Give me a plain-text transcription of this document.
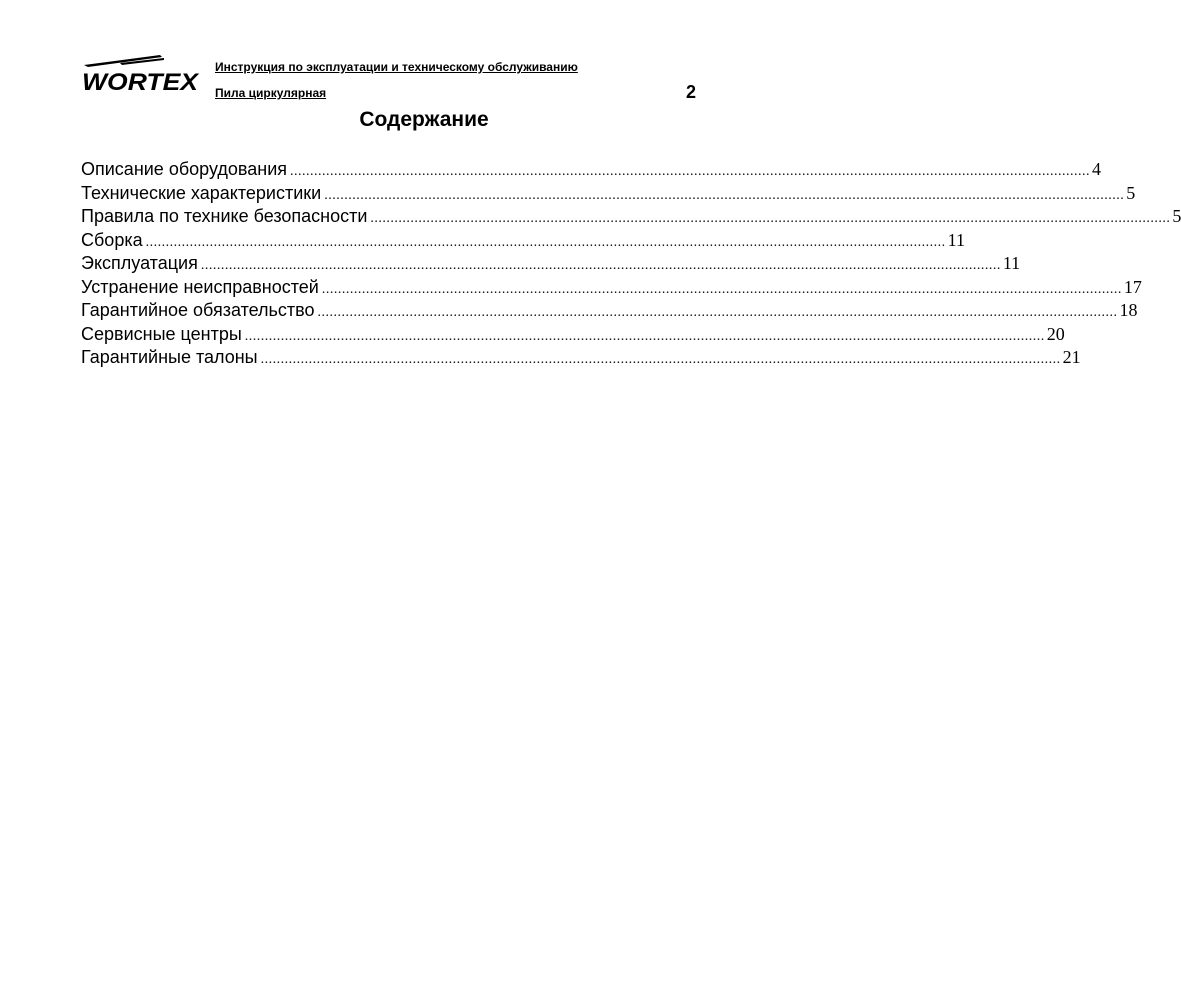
WORTEX
Инструкция по эксплуатации и техническому обслуживанию
Пила циркулярная	2
Содержание
Описание оборудования ........................................................................................................................................................................................................ 4
Технические характеристики ........................................................................................................................................................................................................ 5
Правила по технике безопасности ........................................................................................................................................................................................................ 5
Сборка ........................................................................................................................................................................................................ 11
Эксплуатация ........................................................................................................................................................................................................ 11
Устранение неисправностей ........................................................................................................................................................................................................ 17
Гарантийное обязательство ........................................................................................................................................................................................................ 18
Сервисные центры ........................................................................................................................................................................................................ 20
Гарантийные талоны ........................................................................................................................................................................................................ 21
